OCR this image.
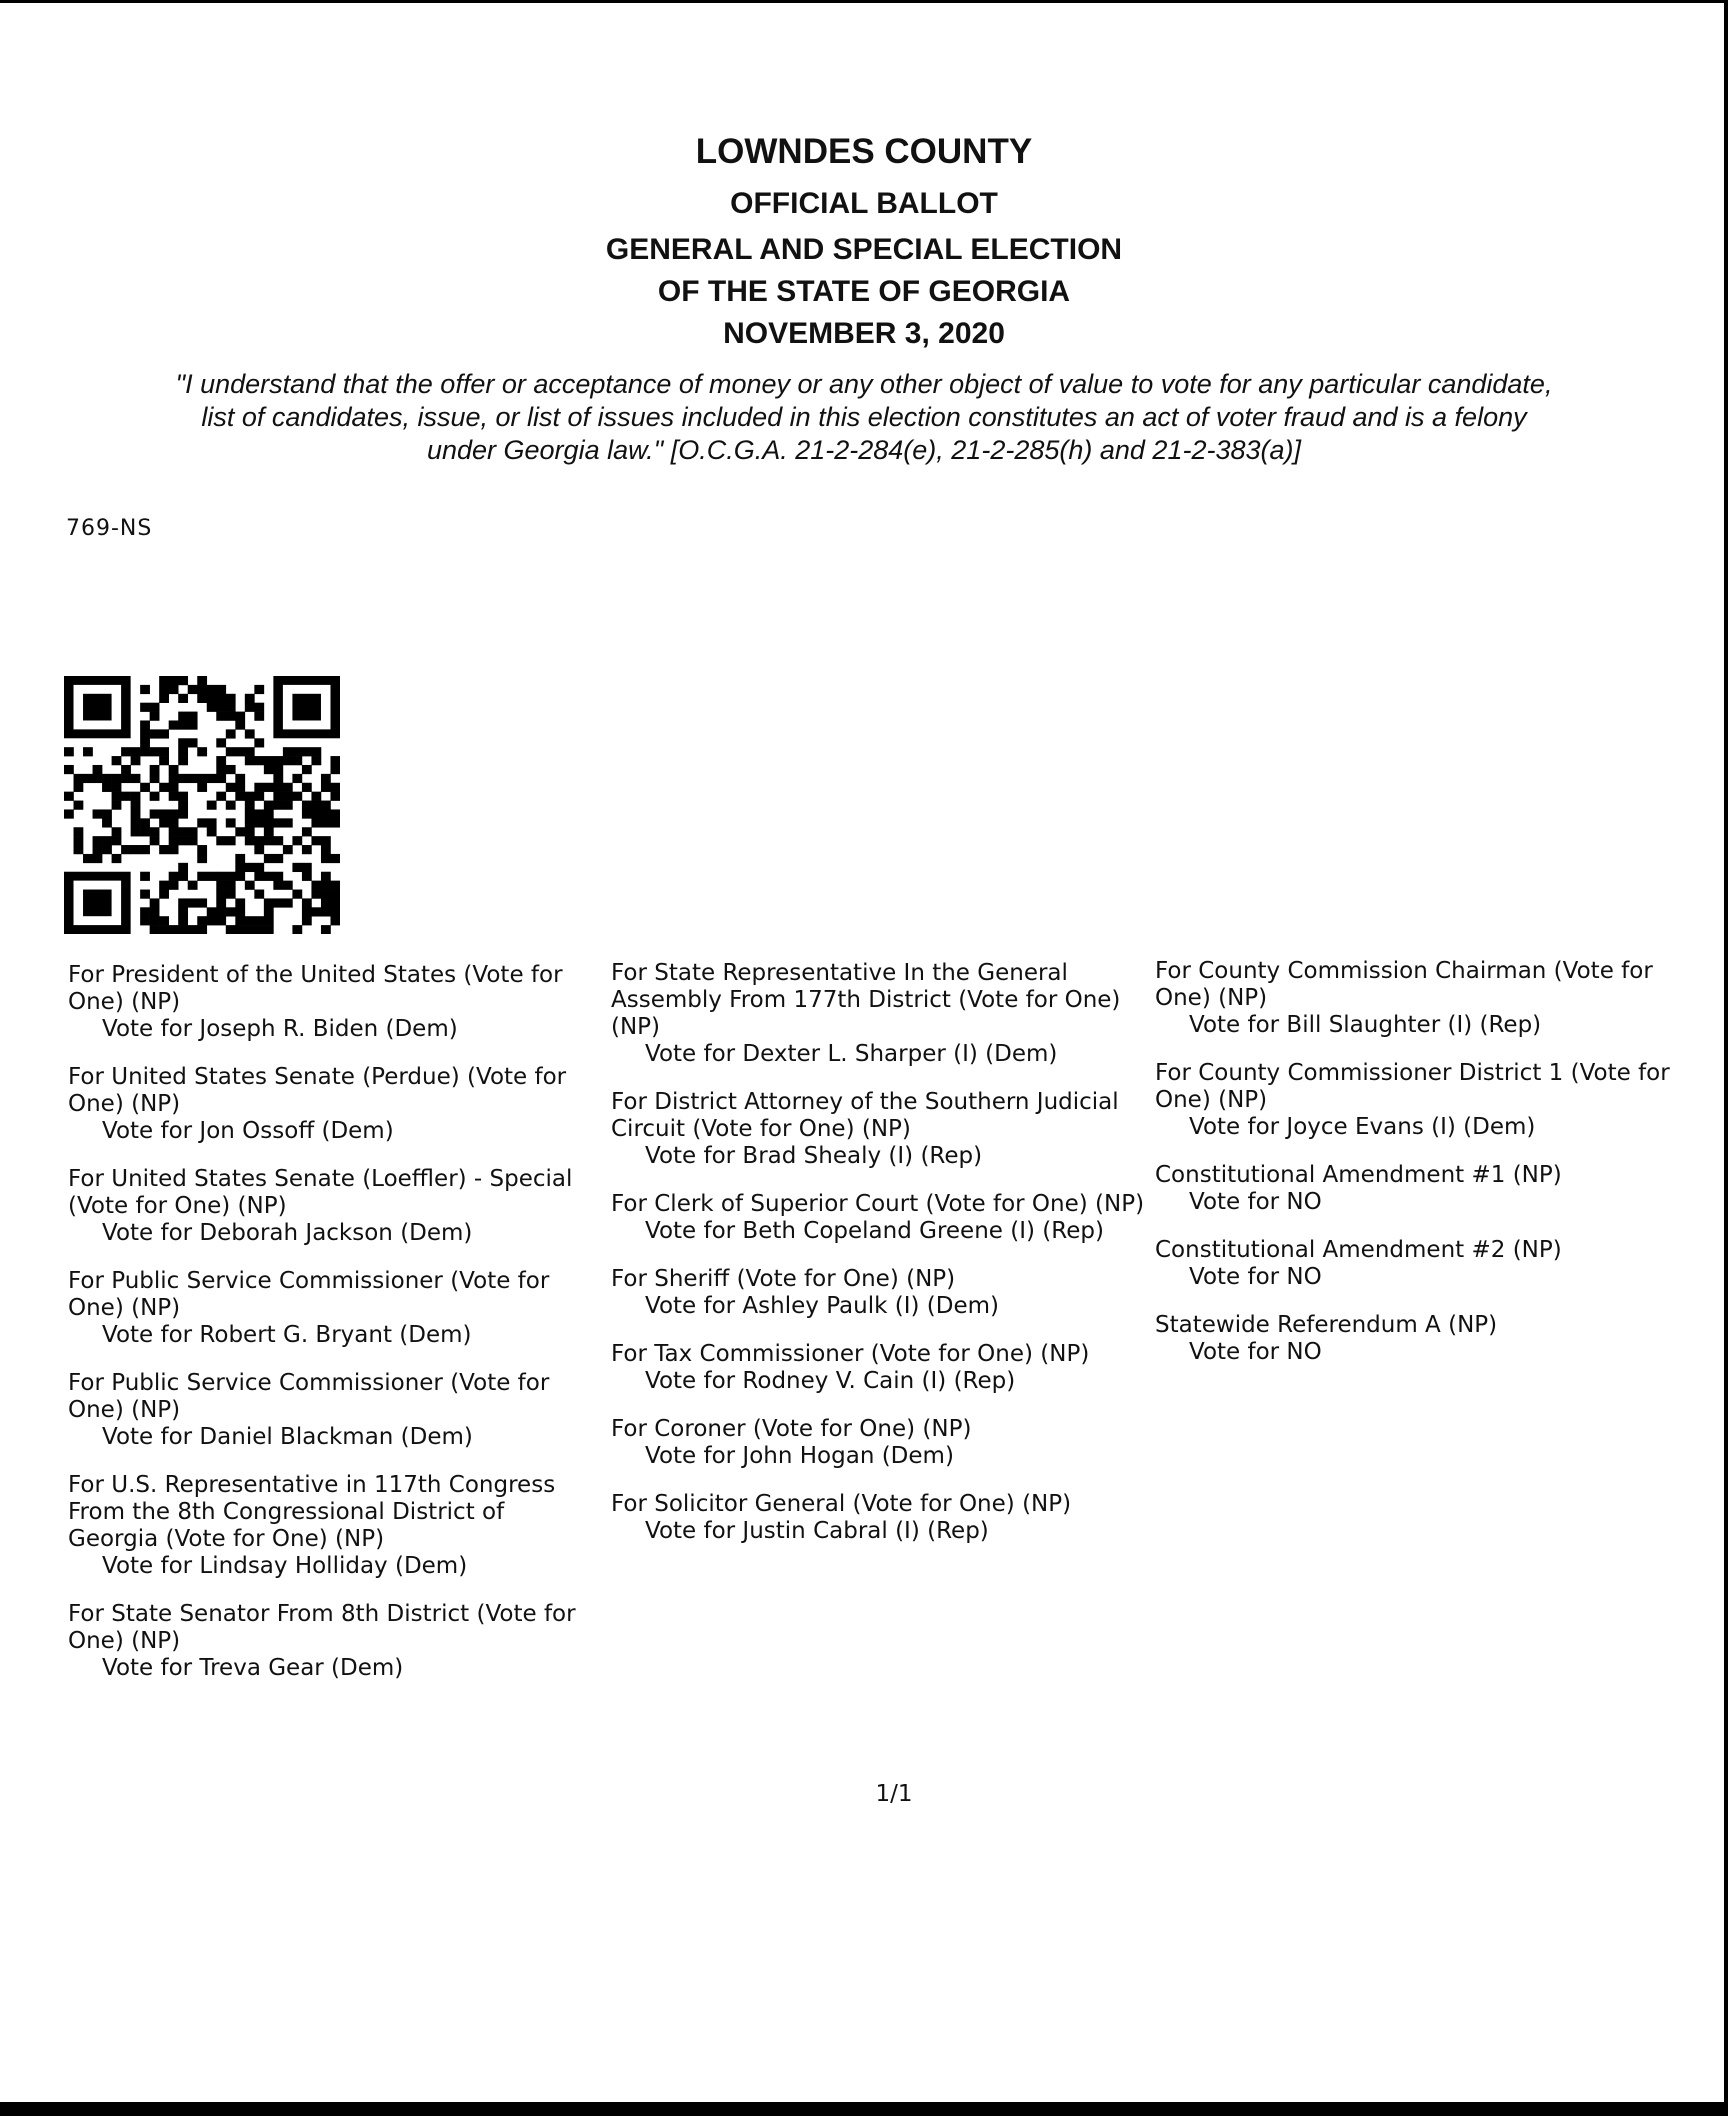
LOWNDES COUNTY
OFFICIAL BALLOT
GENERAL AND SPECIAL ELECTION
OF THE STATE OF GEORGIA
NOVEMBER 3, 2020
"I understand that the offer or acceptance of money or any other object of value to vote for any particular candidate,
list of candidates, issue, or list of issues included in this election constitutes an act of voter fraud and is a felony
under Georgia law." [O.C.G.A. 21-2-284(e), 21-2-285(h) and 21-2-383(a)]
769-NS
For President of the United States (Vote for One) (NP)
Vote for Joseph R. Biden (Dem)
For United States Senate (Perdue) (Vote for One) (NP)
Vote for Jon Ossoff (Dem)
For United States Senate (Loeffler) - Special (Vote for One) (NP)
Vote for Deborah Jackson (Dem)
For Public Service Commissioner (Vote for One) (NP)
Vote for Robert G. Bryant (Dem)
For Public Service Commissioner (Vote for One) (NP)
Vote for Daniel Blackman (Dem)
For U.S. Representative in 117th Congress From the 8th Congressional District of Georgia (Vote for One) (NP)
Vote for Lindsay Holliday (Dem)
For State Senator From 8th District (Vote for One) (NP)
Vote for Treva Gear (Dem)
For State Representative In the General Assembly From 177th District (Vote for One) (NP)
Vote for Dexter L. Sharper (I) (Dem)
For District Attorney of the Southern Judicial Circuit (Vote for One) (NP)
Vote for Brad Shealy (I) (Rep)
For Clerk of Superior Court (Vote for One) (NP)
Vote for Beth Copeland Greene (I) (Rep)
For Sheriff (Vote for One) (NP)
Vote for Ashley Paulk (I) (Dem)
For Tax Commissioner (Vote for One) (NP)
Vote for Rodney V. Cain (I) (Rep)
For Coroner (Vote for One) (NP)
Vote for John Hogan (Dem)
For Solicitor General (Vote for One) (NP)
Vote for Justin Cabral (I) (Rep)
For County Commission Chairman (Vote for One) (NP)
Vote for Bill Slaughter (I) (Rep)
For County Commissioner District 1 (Vote for One) (NP)
Vote for Joyce Evans (I) (Dem)
Constitutional Amendment #1 (NP)
Vote for NO
Constitutional Amendment #2 (NP)
Vote for NO
Statewide Referendum A (NP)
Vote for NO
1/1
